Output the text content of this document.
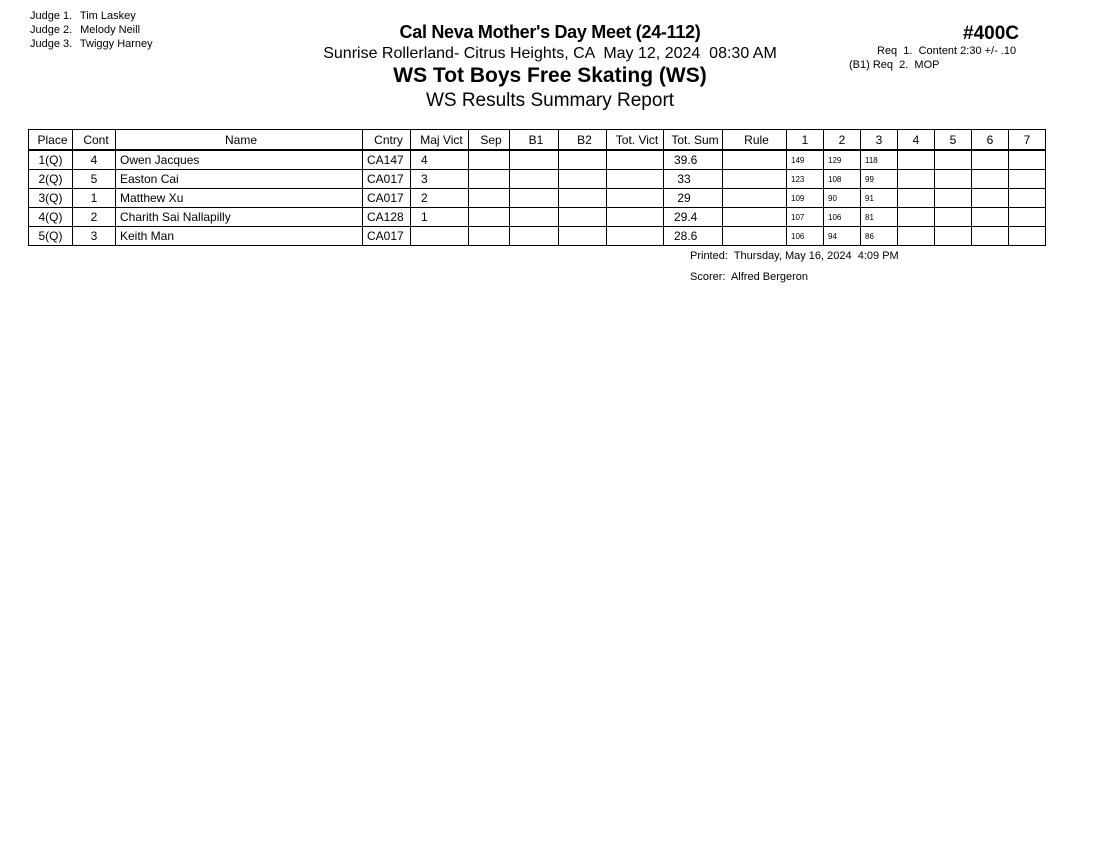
Judge 1. Tim Laskey
Judge 2. Melody Neill
Judge 3. Twiggy Harney
Cal Neva Mother's Day Meet (24-112)
Sunrise Rollerland- Citrus Heights, CA  May 12, 2024  08:30 AM
WS Tot Boys Free Skating (WS)
WS Results Summary Report
#400C
Req  1.  Content 2:30 +/- .10
(B1) Req  2.  MOP
Place	Cont	Name	Cntry	Maj Vict	Sep	B1	B2	Tot. Vict	Tot. Sum	Rule	1	2	3	4	5	6	7
1(Q)	4	Owen Jacques	CA147	4					39.6		149	129	118				
2(Q)	5	Easton Cai	CA017	3					33		123	108	99				
3(Q)	1	Matthew Xu	CA017	2					29		109	90	91				
4(Q)	2	Charith Sai Nallapilly	CA128	1					29.4		107	106	81				
5(Q)	3	Keith Man	CA017						28.6		106	94	86				
Printed:  Thursday, May 16, 2024  4:09 PM
Scorer:  Alfred Bergeron
